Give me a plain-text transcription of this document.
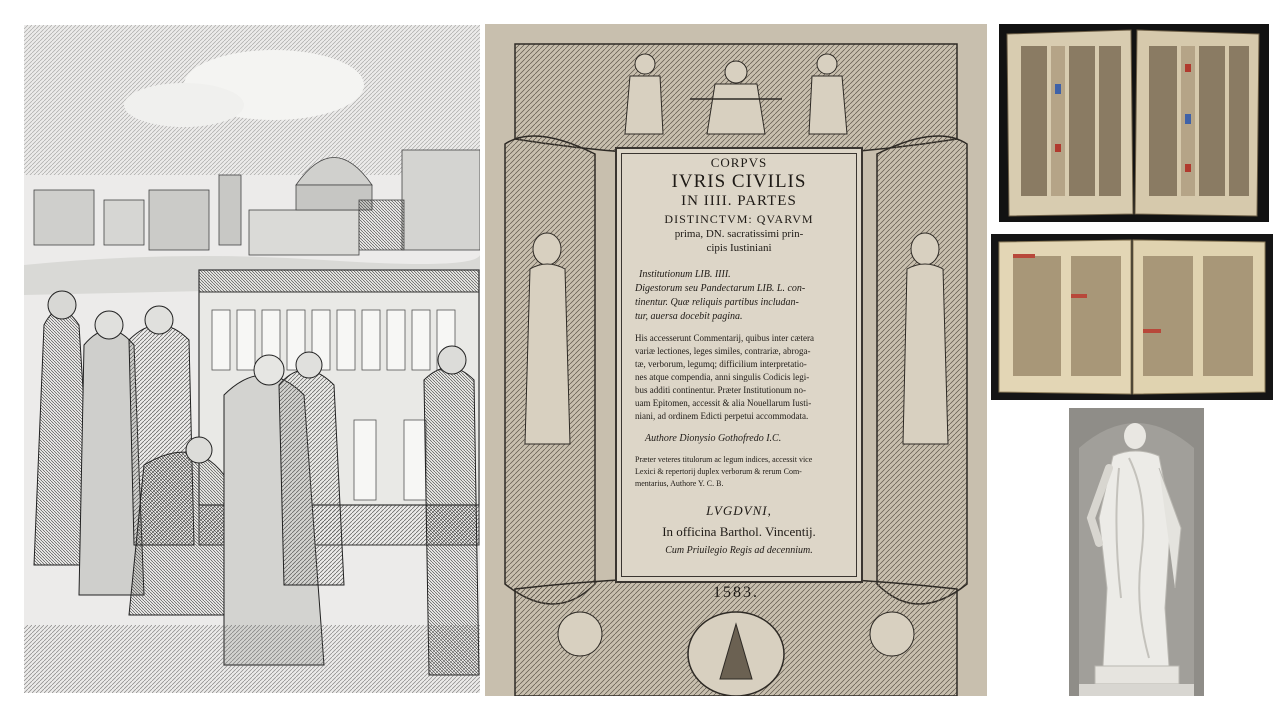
CORPVS
IVRIS CIVILIS
IN IIII. PARTES
DISTINCTVM: QVARVM
prima, DN. sacratissimi prin-
cipis Iustiniani
Institutionum LIB. IIII.
Digestorum seu Pandectarum LIB. L. con-
tinentur. Quæ reliquis partibus includan-
tur, auersa docebit pagina.
His accesserunt Commentarij, quibus inter cætera
variæ lectiones, leges similes, contrariæ, abroga-
tæ, verborum, legumq; difficilium interpretatio-
nes atque compendia, anni singulis Codicis legi-
bus additi continentur. Præter Institutionum no-
uam Epitomen, accessit & alia Nouellarum Iusti-
niani, ad ordinem Edicti perpetui accommodata.
Authore Dionysio Gothofredo I.C.
Præter veteres titulorum ac legum indices, accessit vice
Lexici & repertorij duplex verborum & rerum Com-
mentarius, Authore Y. C. B.
LVGDVNI,
In officina Barthol. Vincentij.
Cum Priuilegio Regis ad decennium.
1583.
